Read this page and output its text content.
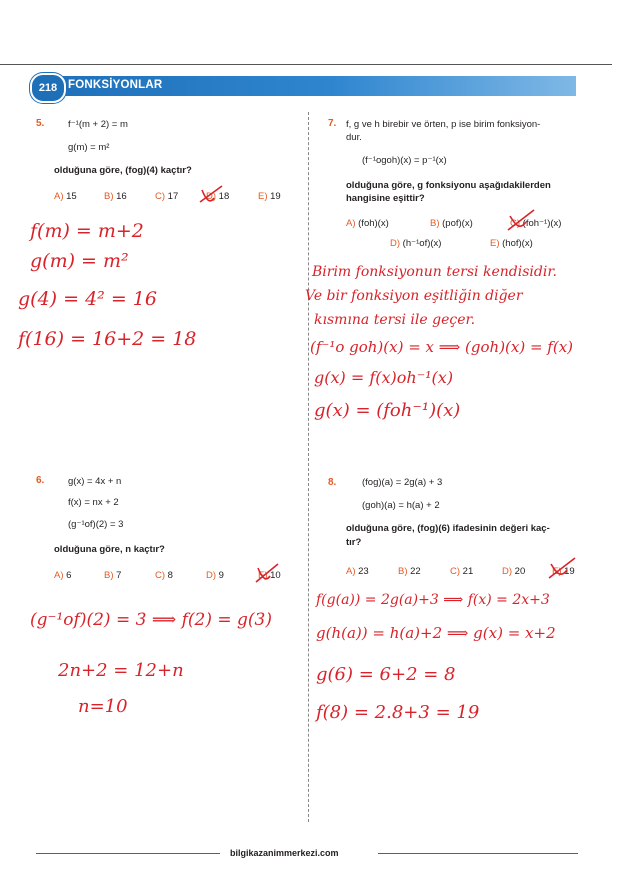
218 FONKSİYONLAR
5. f⁻¹(m + 2) = m
g(m) = m²
olduğuna göre, (fog)(4) kaçtır?
A) 15	B) 16	C) 17	D) 18	E) 19
6. g(x) = 4x + n
f(x) = nx + 2
(g⁻¹of)(2) = 3
olduğuna göre, n kaçtır?
A) 6	B) 7	C) 8	D) 9	E) 10
7. f, g ve h birebir ve örten, p ise birim fonksiyon-
dur.
(f⁻¹ogoh)(x) = p⁻¹(x)
olduğuna göre, g fonksiyonu aşağıdakilerden
hangisine eşittir?
A) (foh)(x)	B) (pof)(x)	C) (foh⁻¹)(x)
D) (h⁻¹of)(x)	E) (hof)(x)
8.	(fog)(a) = 2g(a) + 3
(goh)(a) = h(a) + 2
olduğuna göre, (fog)(6) ifadesinin değeri kaç-
tır?
A) 23	B) 22	C) 21	D) 20	E) 19
f(m) = m+2
g(m) = m²
g(4) = 4² = 16
f(16) = 16+2 = 18
(g⁻¹of)(2) = 3 ⟹ f(2) = g(3)
2n+2 = 12+n
n=10
Birim fonksiyonun tersi kendisidir.
Ve bir fonksiyon eşitliğin diğer
kısmına tersi ile geçer.
(f⁻¹o goh)(x) = x ⟹ (goh)(x) = f(x)
g(x) = f(x)oh⁻¹(x)
g(x) = (foh⁻¹)(x)
f(g(a)) = 2g(a)+3 ⟹ f(x) = 2x+3
g(h(a)) = h(a)+2 ⟹ g(x) = x+2
g(6) = 6+2 = 8
f(8) = 2.8+3 = 19
bilgikazanimmerkezi.com
